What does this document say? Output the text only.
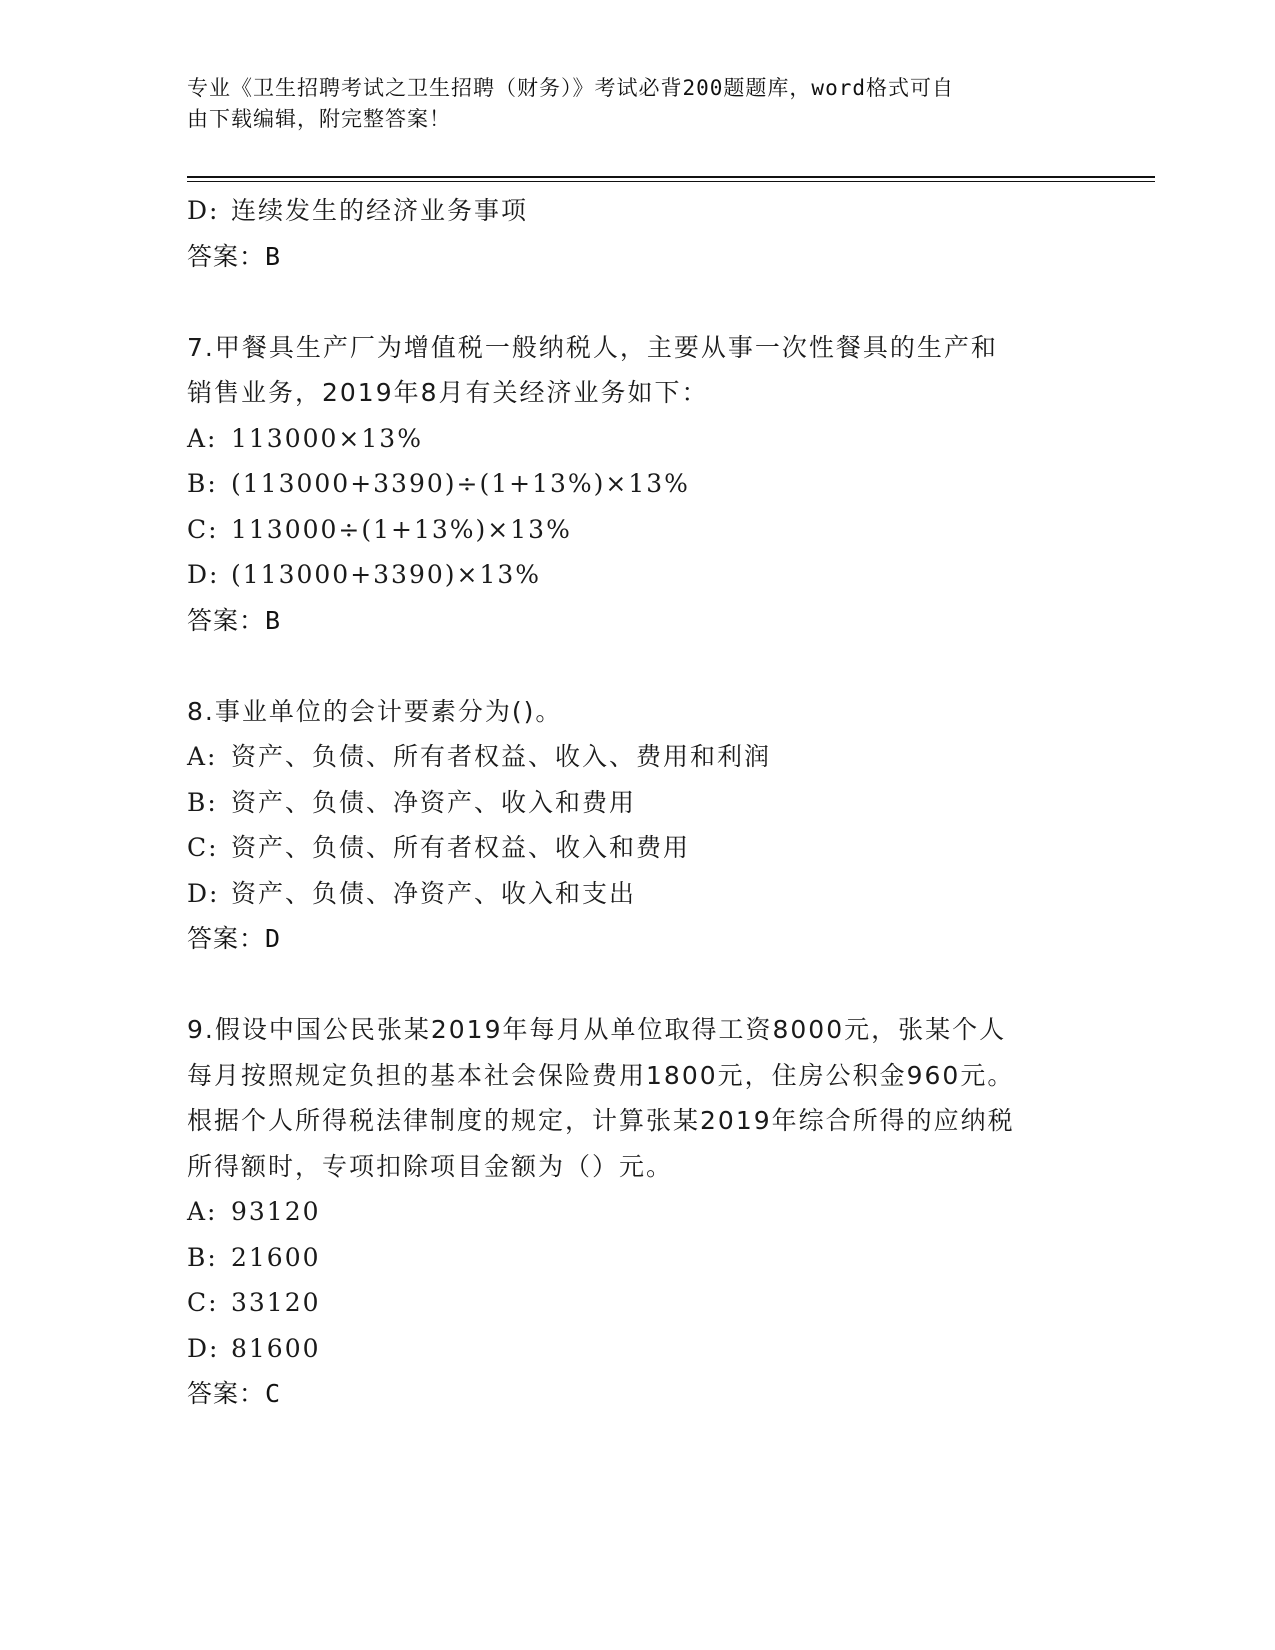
专业《卫生招聘考试之卫生招聘（财务）》考试必背200题题库，word格式可自
由下载编辑，附完整答案！
D: 连续发生的经济业务事项
答案：B
7.甲餐具生产厂为增值税一般纳税人，主要从事一次性餐具的生产和
销售业务，2019年8月有关经济业务如下：
A: 113000×13%
B: (113000+3390)÷(1+13%)×13%
C: 113000÷(1+13%)×13%
D: (113000+3390)×13%
答案：B
8.事业单位的会计要素分为()。
A: 资产、负债、所有者权益、收入、费用和利润
B: 资产、负债、净资产、收入和费用
C: 资产、负债、所有者权益、收入和费用
D: 资产、负债、净资产、收入和支出
答案：D
9.假设中国公民张某2019年每月从单位取得工资8000元，张某个人
每月按照规定负担的基本社会保险费用1800元，住房公积金960元。
根据个人所得税法律制度的规定，计算张某2019年综合所得的应纳税
所得额时，专项扣除项目金额为（）元。
A: 93120
B: 21600
C: 33120
D: 81600
答案：C
